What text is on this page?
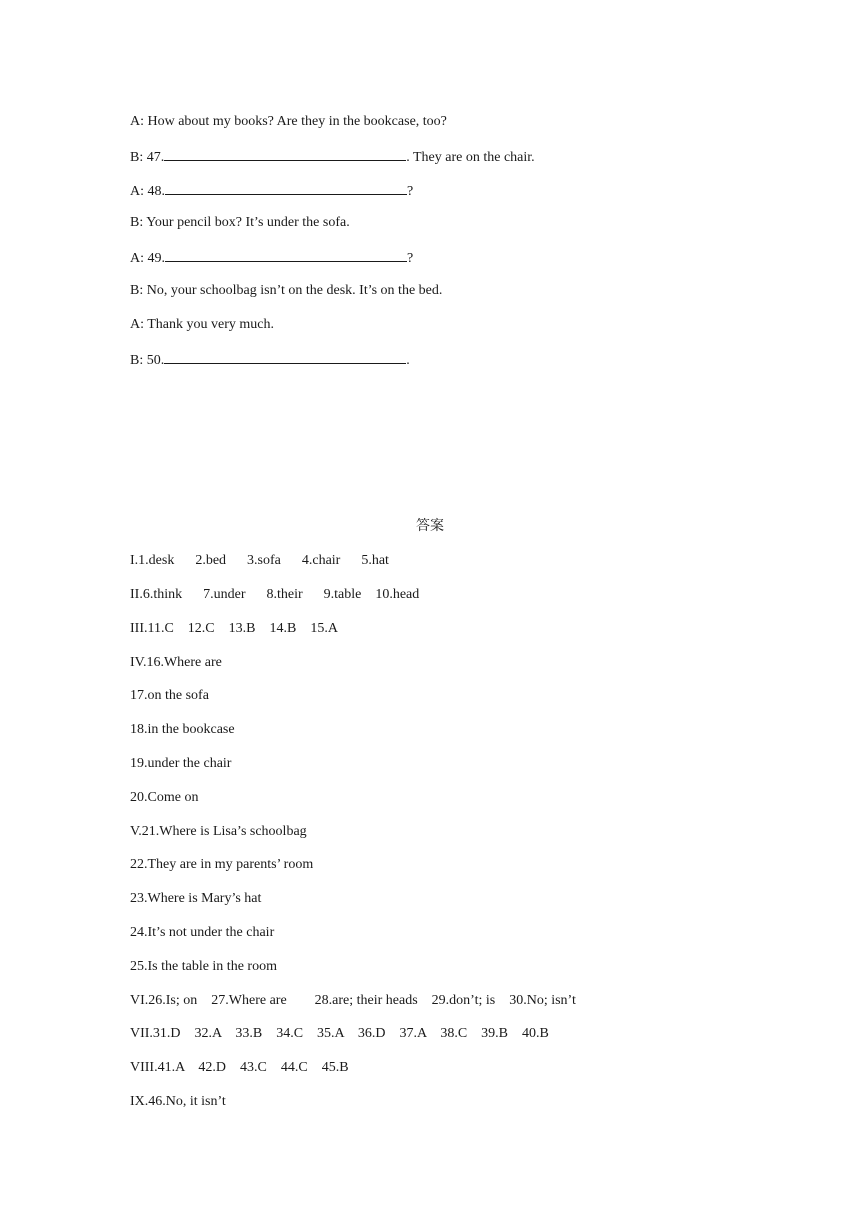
A: How about my books? Are they in the bookcase, too?
B: 47.	. They are on the chair.
A: 48.	?
B: Your pencil box? It’s under the sofa.
A: 49.	?
B: No, your schoolbag isn’t on the desk. It’s on the bed.
A: Thank you very much.
B: 50.	.
答案
I.1.desk      2.bed      3.sofa      4.chair      5.hat
II.6.think      7.under      8.their      9.table    10.head
III.11.C    12.C    13.B    14.B    15.A
IV.16.Where are
17.on the sofa
18.in the bookcase
19.under the chair
20.Come on
V.21.Where is Lisa’s schoolbag
22.They are in my parents’ room
23.Where is Mary’s hat
24.It’s not under the chair
25.Is the table in the room
VI.26.Is; on    27.Where are        28.are; their heads    29.don’t; is    30.No; isn’t
VII.31.D    32.A    33.B    34.C    35.A    36.D    37.A    38.C    39.B    40.B
VIII.41.A    42.D    43.C    44.C    45.B
IX.46.No, it isn’t
